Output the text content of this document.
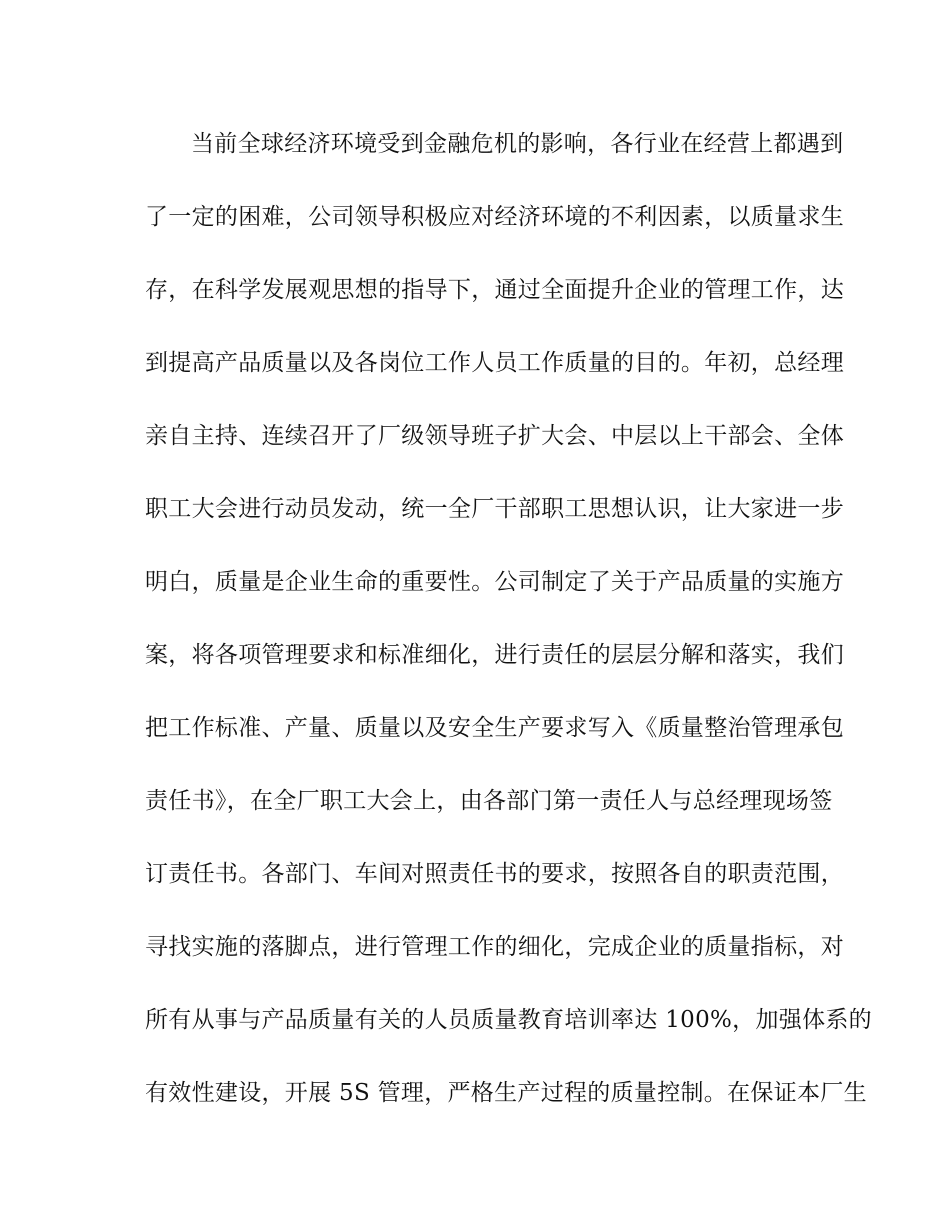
当前全球经济环境受到金融危机的影响，各行业在经营上都遇到
了一定的困难，公司领导积极应对经济环境的不利因素，以质量求生
存，在科学发展观思想的指导下，通过全面提升企业的管理工作，达
到提高产品质量以及各岗位工作人员工作质量的目的。年初，总经理
亲自主持、连续召开了厂级领导班子扩大会、中层以上干部会、全体
职工大会进行动员发动，统一全厂干部职工思想认识，让大家进一步
明白，质量是企业生命的重要性。公司制定了关于产品质量的实施方
案，将各项管理要求和标准细化，进行责任的层层分解和落实，我们
把工作标准、产量、质量以及安全生产要求写入《质量整治管理承包
责任书》，在全厂职工大会上，由各部门第一责任人与总经理现场签
订责任书。各部门、车间对照责任书的要求，按照各自的职责范围，
寻找实施的落脚点，进行管理工作的细化，完成企业的质量指标，对
所有从事与产品质量有关的人员质量教育培训率达 100%，加强体系的
有效性建设，开展 5S 管理，严格生产过程的质量控制。在保证本厂生
